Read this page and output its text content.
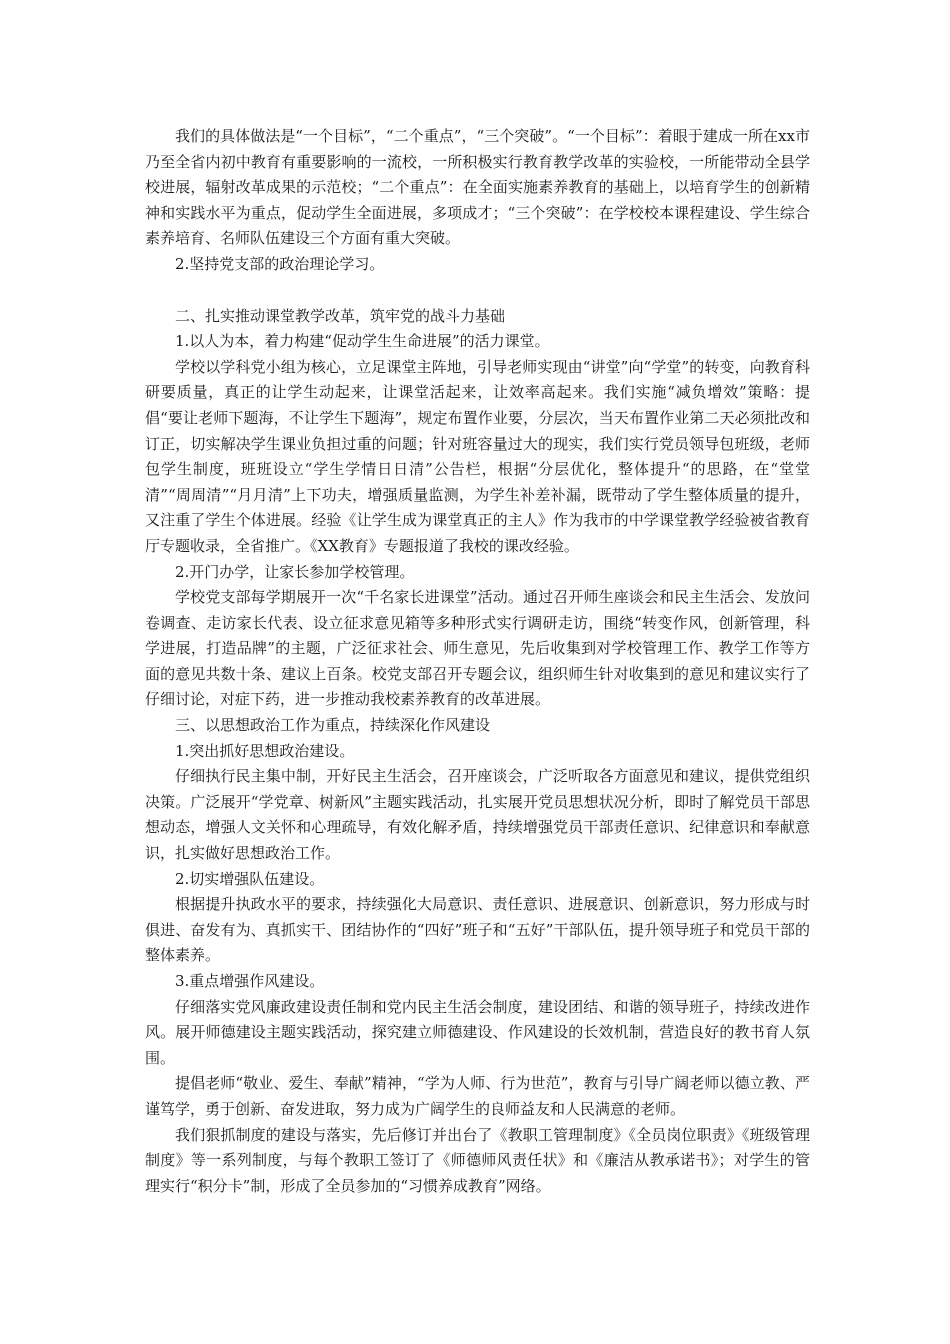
我们的具体做法是“一个目标”，“二个重点”，“三个突破”。“一个目标”：着眼于建成一所在xx市乃至全省内初中教育有重要影响的一流校，一所积极实行教育教学改革的实验校，一所能带动全县学校进展，辐射改革成果的示范校；“二个重点”：在全面实施素养教育的基础上，以培育学生的创新精神和实践水平为重点，促动学生全面进展，多项成才；“三个突破”：在学校校本课程建设、学生综合素养培育、名师队伍建设三个方面有重大突破。

2.坚持党支部的政治理论学习。

二、扎实推动课堂教学改革，筑牢党的战斗力基础

1.以人为本，着力构建“促动学生生命进展”的活力课堂。

学校以学科党小组为核心，立足课堂主阵地，引导老师实现由“讲堂”向“学堂”的转变，向教育科研要质量，真正的让学生动起来，让课堂活起来，让效率高起来。我们实施“减负增效”策略：提倡“要让老师下题海，不让学生下题海”，规定布置作业要，分层次，当天布置作业第二天必须批改和订正，切实解决学生课业负担过重的问题；针对班容量过大的现实，我们实行党员领导包班级，老师包学生制度，班班设立“学生学情日日清”公告栏，根据“分层优化，整体提升“的思路，在“堂堂清”“周周清”“月月清”上下功夫，增强质量监测，为学生补差补漏，既带动了学生整体质量的提升，又注重了学生个体进展。经验《让学生成为课堂真正的主人》作为我市的中学课堂教学经验被省教育厅专题收录，全省推广。《XX教育》专题报道了我校的课改经验。

2.开门办学，让家长参加学校管理。

学校党支部每学期展开一次“千名家长进课堂”活动。通过召开师生座谈会和民主生活会、发放问卷调查、走访家长代表、设立征求意见箱等多种形式实行调研走访，围绕“转变作风，创新管理，科学进展，打造品牌”的主题，广泛征求社会、师生意见，先后收集到对学校管理工作、教学工作等方面的意见共数十条、建议上百条。校党支部召开专题会议，组织师生针对收集到的意见和建议实行了仔细讨论，对症下药，进一步推动我校素养教育的改革进展。

三、以思想政治工作为重点，持续深化作风建设

1.突出抓好思想政治建设。

仔细执行民主集中制，开好民主生活会，召开座谈会，广泛听取各方面意见和建议，提供党组织决策。广泛展开“学党章、树新风”主题实践活动，扎实展开党员思想状况分析，即时了解党员干部思想动态，增强人文关怀和心理疏导，有效化解矛盾，持续增强党员干部责任意识、纪律意识和奉献意识，扎实做好思想政治工作。

2.切实增强队伍建设。

根据提升执政水平的要求，持续强化大局意识、责任意识、进展意识、创新意识，努力形成与时俱进、奋发有为、真抓实干、团结协作的“四好”班子和“五好”干部队伍，提升领导班子和党员干部的整体素养。

3.重点增强作风建设。

仔细落实党风廉政建设责任制和党内民主生活会制度，建设团结、和谐的领导班子，持续改进作风。展开师德建设主题实践活动，探究建立师德建设、作风建设的长效机制，营造良好的教书育人氛围。

提倡老师“敬业、爱生、奉献”精神，“学为人师、行为世范”，教育与引导广阔老师以德立教、严谨笃学，勇于创新、奋发进取，努力成为广阔学生的良师益友和人民满意的老师。

我们狠抓制度的建设与落实，先后修订并出台了《教职工管理制度》《全员岗位职责》《班级管理制度》等一系列制度，与每个教职工签订了《师德师风责任状》和《廉洁从教承诺书》；对学生的管理实行“积分卡”制，形成了全员参加的“习惯养成教育”网络。
